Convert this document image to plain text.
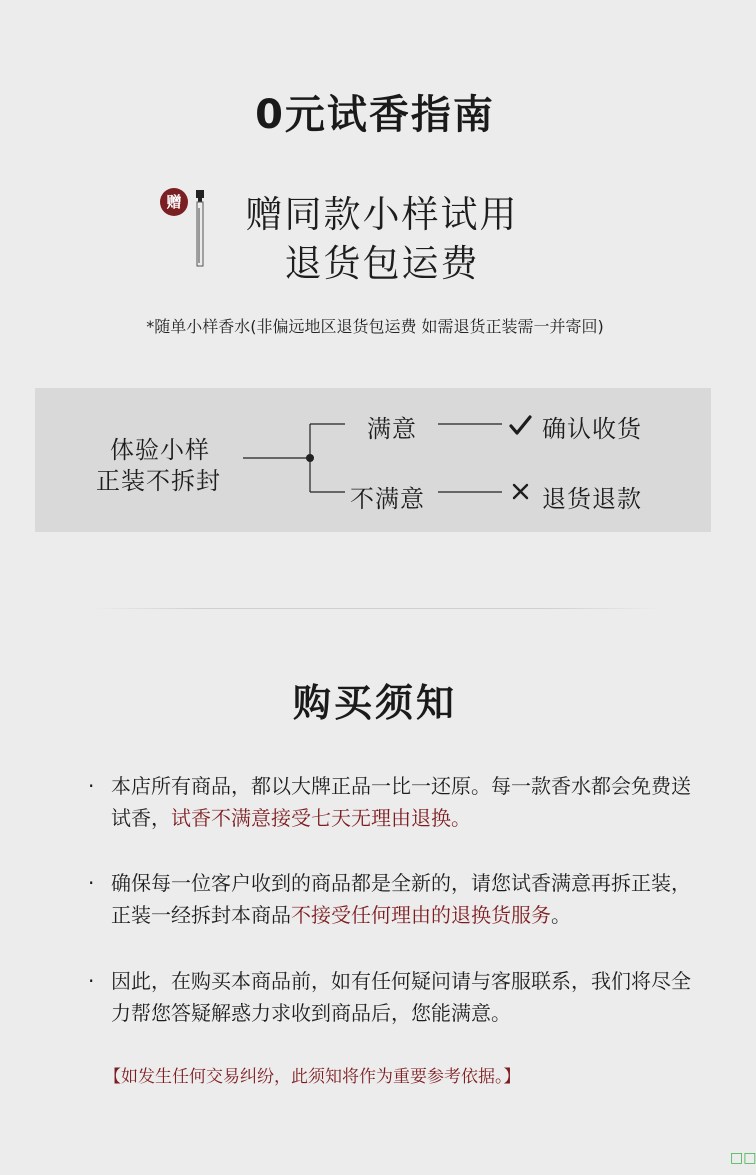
0元试香指南
赠	赠同款小样试用
退货包运费
*随单小样香水(非偏远地区退货包运费 如需退货正装需一并寄回)
体验小样
正装不拆封
满意
不满意
确认收货
退货退款
购买须知
· 本店所有商品，都以大牌正品一比一还原。每一款香水都会免费送试香，试香不满意接受七天无理由退换。
· 确保每一位客户收到的商品都是全新的，请您试香满意再拆正装，正装一经拆封本商品不接受任何理由的退换货服务。
· 因此，在购买本商品前，如有任何疑问请与客服联系，我们将尽全力帮您答疑解惑力求收到商品后，您能满意。
【如发生任何交易纠纷，此须知将作为重要参考依据。】
□□
